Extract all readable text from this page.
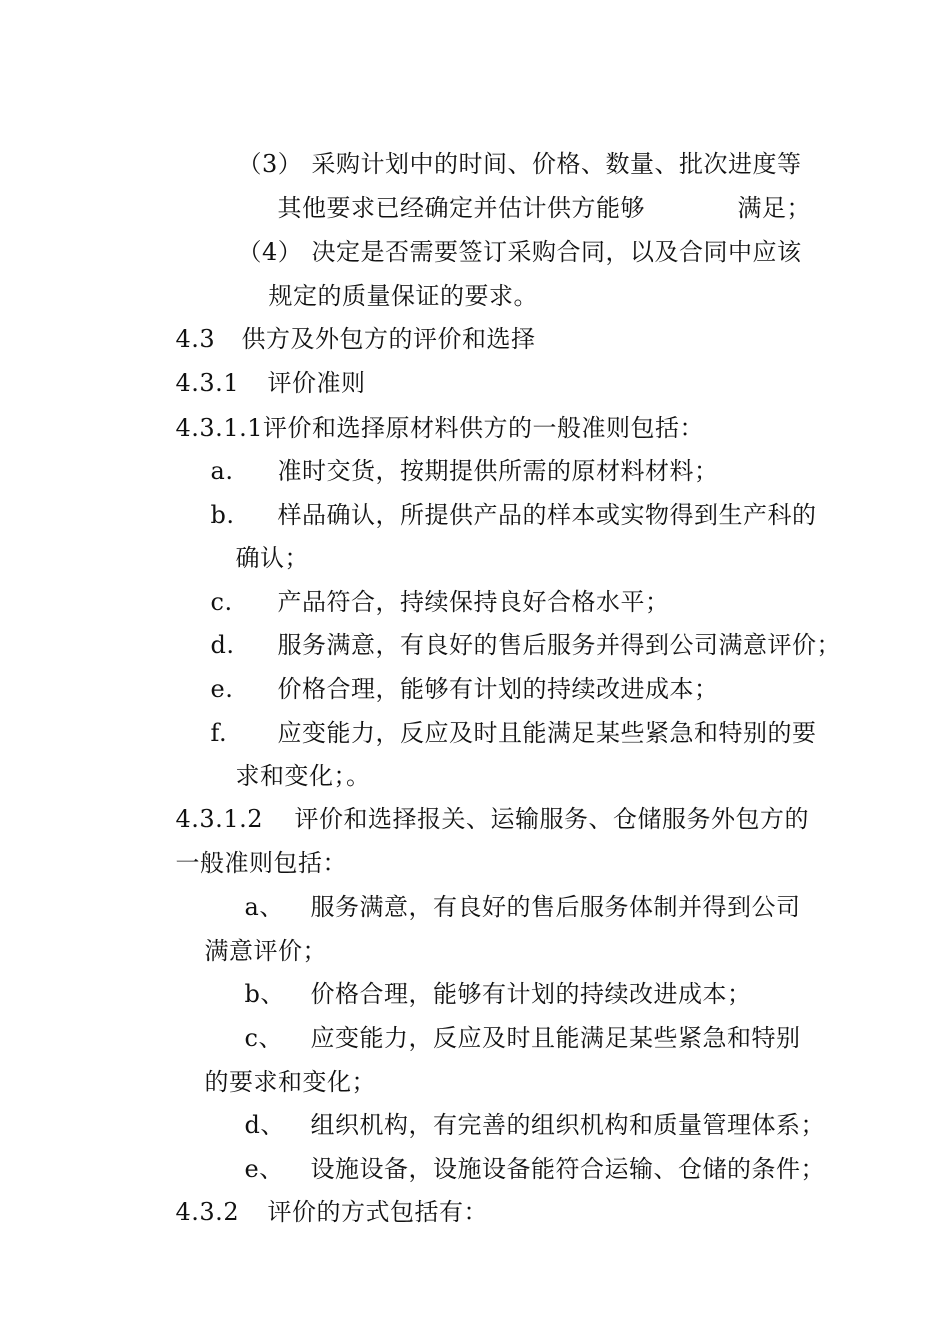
（3） 采购计划中的时间、价格、数量、批次进度等

其他要求已经确定并估计供方能够	满足；

（4） 决定是否需要签订采购合同，以及合同中应该

规定的质量保证的要求。

4.3 供方及外包方的评价和选择

4.3.1 评价准则

4.3.1.1评价和选择原材料供方的一般准则包括：

a. 准时交货，按期提供所需的原材料材料；

b. 样品确认，所提供产品的样本或实物得到生产科的

确认；

c. 产品符合，持续保持良好合格水平；

d. 服务满意，有良好的售后服务并得到公司满意评价；

e. 价格合理，能够有计划的持续改进成本；

f. 应变能力，反应及时且能满足某些紧急和特别的要

求和变化；。

4.3.1.2 评价和选择报关、运输服务、仓储服务外包方的

一般准则包括：

a、 服务满意，有良好的售后服务体制并得到公司

满意评价；

b、 价格合理，能够有计划的持续改进成本；

c、 应变能力，反应及时且能满足某些紧急和特别

的要求和变化；

d、 组织机构，有完善的组织机构和质量管理体系；

e、 设施设备，设施设备能符合运输、仓储的条件；

4.3.2 评价的方式包括有：
